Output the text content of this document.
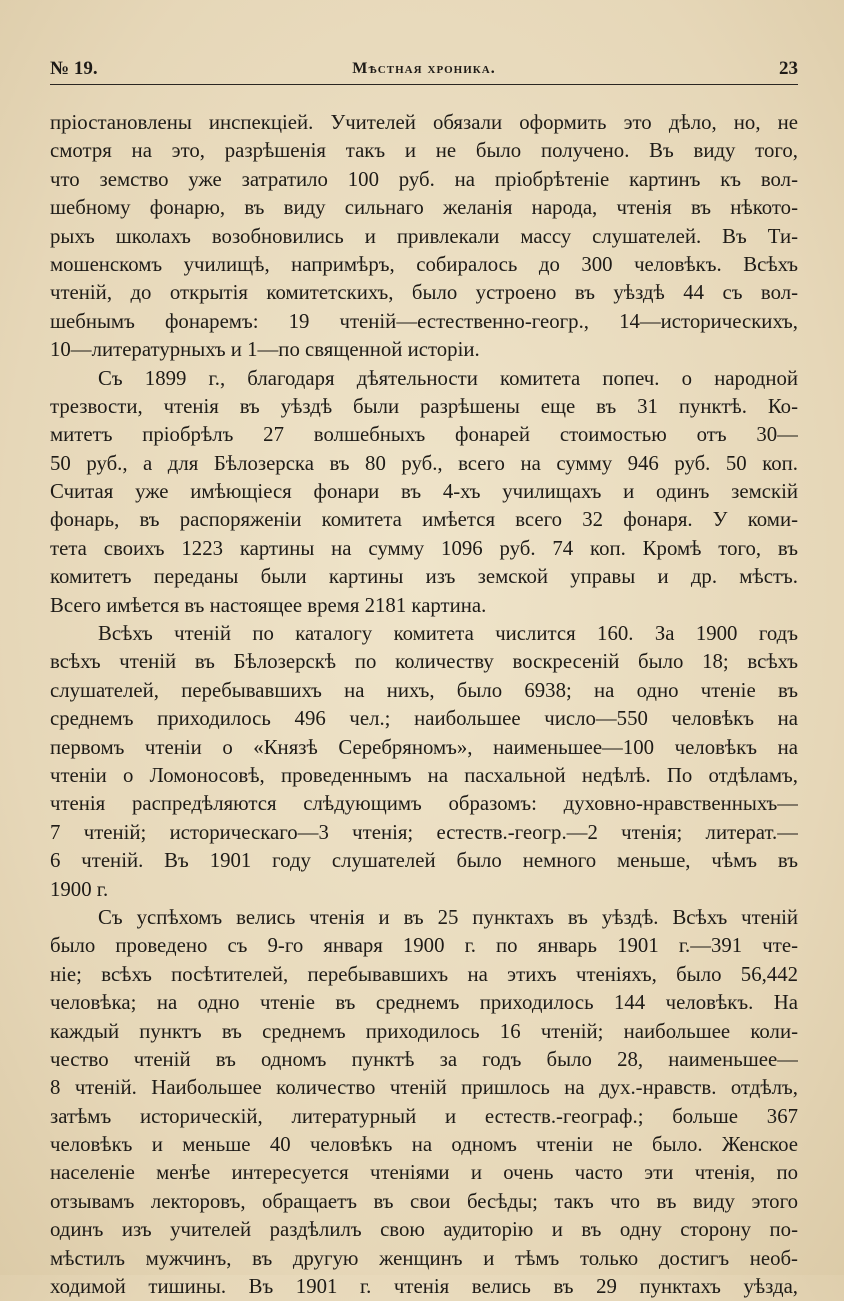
№ 19.	Мѣстная хроника.	23
пріостановлены инспекціей. Учителей обязали оформить это дѣло, но, не
смотря на это, разрѣшенія такъ и не было получено. Въ виду того,
что земство уже затратило 100 руб. на пріобрѣтеніе картинъ къ вол-
шебному фонарю, въ виду сильнаго желанія народа, чтенія въ нѣкото-
рыхъ школахъ возобновились и привлекали массу слушателей. Въ Ти-
мошенскомъ училищѣ, напримѣръ, собиралось до 300 человѣкъ. Всѣхъ
чтеній, до открытія комитетскихъ, было устроено въ уѣздѣ 44 съ вол-
шебнымъ фонаремъ: 19 чтеній—естественно-геогр., 14—историческихъ,
10—литературныхъ и 1—по священной исторіи.
Съ 1899 г., благодаря дѣятельности комитета попеч. о народной
трезвости, чтенія въ уѣздѣ были разрѣшены еще въ 31 пунктѣ. Ко-
митетъ пріобрѣлъ 27 волшебныхъ фонарей стоимостью отъ 30—
50 руб., а для Бѣлозерска въ 80 руб., всего на сумму 946 руб. 50 коп.
Считая уже имѣющіеся фонари въ 4-хъ училищахъ и одинъ земскій
фонарь, въ распоряженіи комитета имѣется всего 32 фонаря. У коми-
тета своихъ 1223 картины на сумму 1096 руб. 74 коп. Кромѣ того, въ
комитетъ переданы были картины изъ земской управы и др. мѣстъ.
Всего имѣется въ настоящее время 2181 картина.
Всѣхъ чтеній по каталогу комитета числится 160. За 1900 годъ
всѣхъ чтеній въ Бѣлозерскѣ по количеству воскресеній было 18; всѣхъ
слушателей, перебывавшихъ на нихъ, было 6938; на одно чтеніе въ
среднемъ приходилось 496 чел.; наибольшее число—550 человѣкъ на
первомъ чтеніи о «Князѣ Серебряномъ», наименьшее—100 человѣкъ на
чтеніи о Ломоносовѣ, проведеннымъ на пасхальной недѣлѣ. По отдѣламъ,
чтенія распредѣляются слѣдующимъ образомъ: духовно-нравственныхъ—
7 чтеній; историческаго—3 чтенія; естеств.-геогр.—2 чтенія; литерат.—
6 чтеній. Въ 1901 году слушателей было немного меньше, чѣмъ въ
1900 г.
Съ успѣхомъ велись чтенія и въ 25 пунктахъ въ уѣздѣ. Всѣхъ чтеній
было проведено съ 9-го января 1900 г. по январь 1901 г.—391 чте-
ніе; всѣхъ посѣтителей, перебывавшихъ на этихъ чтеніяхъ, было 56,442
человѣка; на одно чтеніе въ среднемъ приходилось 144 человѣкъ. На
каждый пунктъ въ среднемъ приходилось 16 чтеній; наибольшее коли-
чество чтеній въ одномъ пунктѣ за годъ было 28, наименьшее—
8 чтеній. Наибольшее количество чтеній пришлось на дух.-нравств. отдѣлъ,
затѣмъ историческій, литературный и естеств.-географ.; больше 367
человѣкъ и меньше 40 человѣкъ на одномъ чтеніи не было. Женское
населеніе менѣе интересуется чтеніями и очень часто эти чтенія, по
отзывамъ лекторовъ, обращаетъ въ свои бесѣды; такъ что въ виду этого
одинъ изъ учителей раздѣлилъ свою аудиторію и въ одну сторону по-
мѣстилъ мужчинъ, въ другую женщинъ и тѣмъ только достигъ необ-
ходимой тишины. Въ 1901 г. чтенія велись въ 29 пунктахъ уѣзда,
